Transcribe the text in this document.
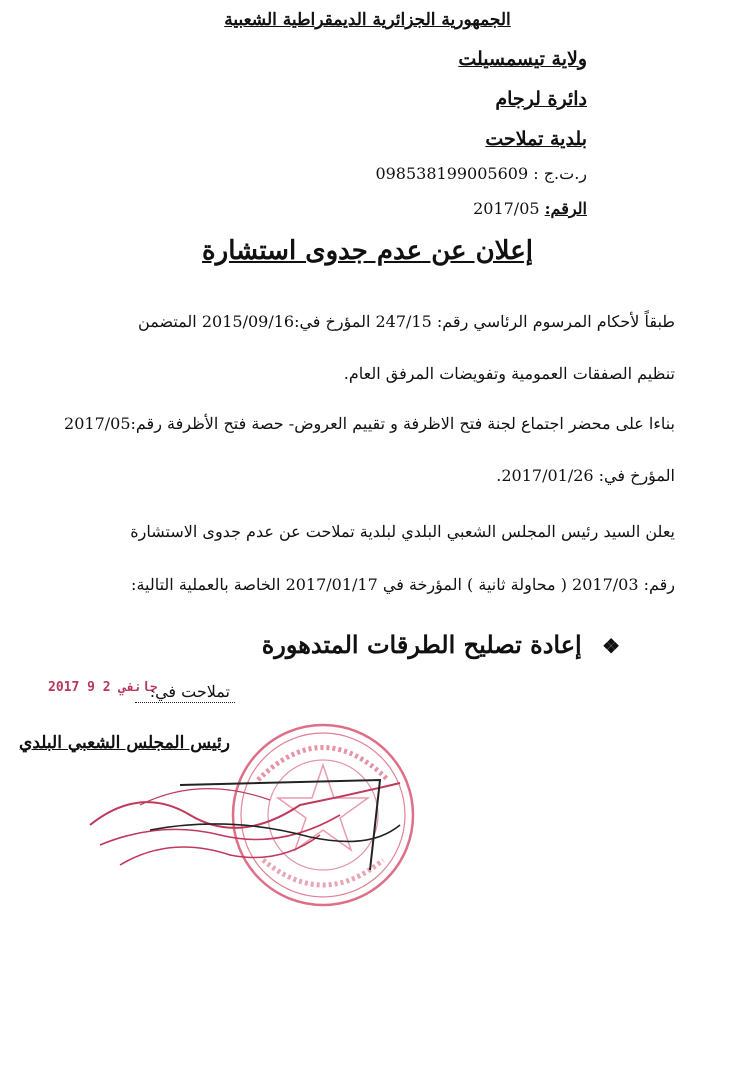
الجمهورية الجزائرية الديمقراطية الشعبية
ولاية تيسمسيلت
دائرة لرجام
بلدية تملاحت
ر.ت.ج : 098538199005609
الرقم: 2017/05
إعلان عن عدم جدوى استشارة
طبقاً لأحكام المرسوم الرئاسي رقم: 247/15 المؤرخ في:2015/09/16 المتضمن
تنظيم الصفقات العمومية وتفويضات المرفق العام.
بناءا على محضر اجتماع لجنة فتح الاظرفة و تقييم العروض- حصة فتح الأظرفة رقم:2017/05
المؤرخ في: 2017/01/26.
يعلن السيد رئيس المجلس الشعبي البلدي لبلدية تملاحت عن عدم جدوى الاستشارة
رقم: 2017/03 ( محاولة ثانية ) المؤرخة في 2017/01/17 الخاصة بالعملية التالية:
❖ إعادة تصليح الطرقات المتدهورة
تملاحت في:
2017 جانفي 2 9
رئيس المجلس الشعبي البلدي
